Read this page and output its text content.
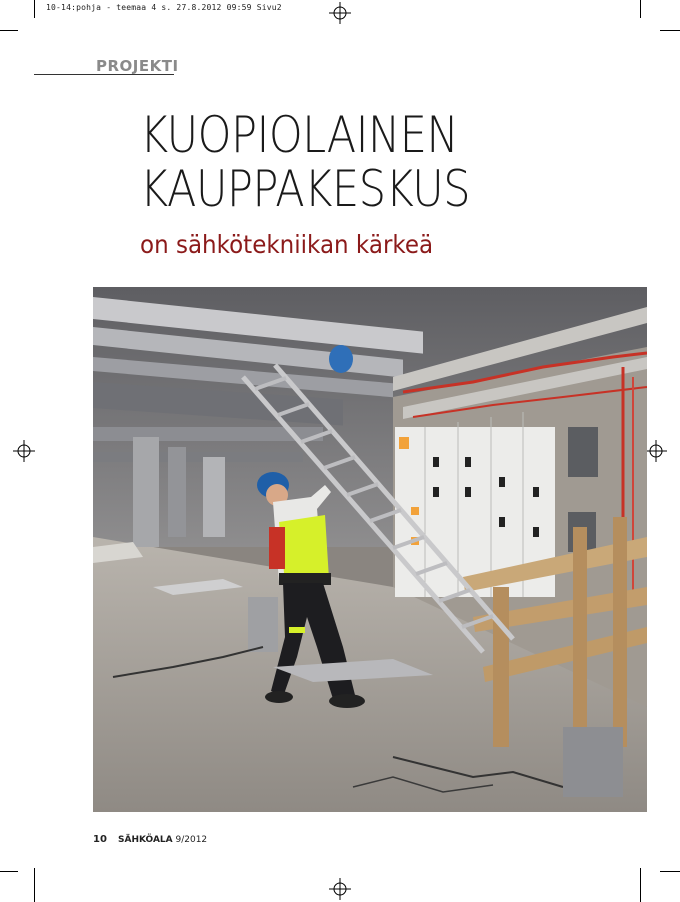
10-14:pohja - teemaa 4 s. 27.8.2012 09:59 Sivu2
PROJEKTI
KUOPIOLAINEN
KAUPPAKESKUS
on sähkötekniikan kärkeä
10 SÄHKÖALA 9/2012
